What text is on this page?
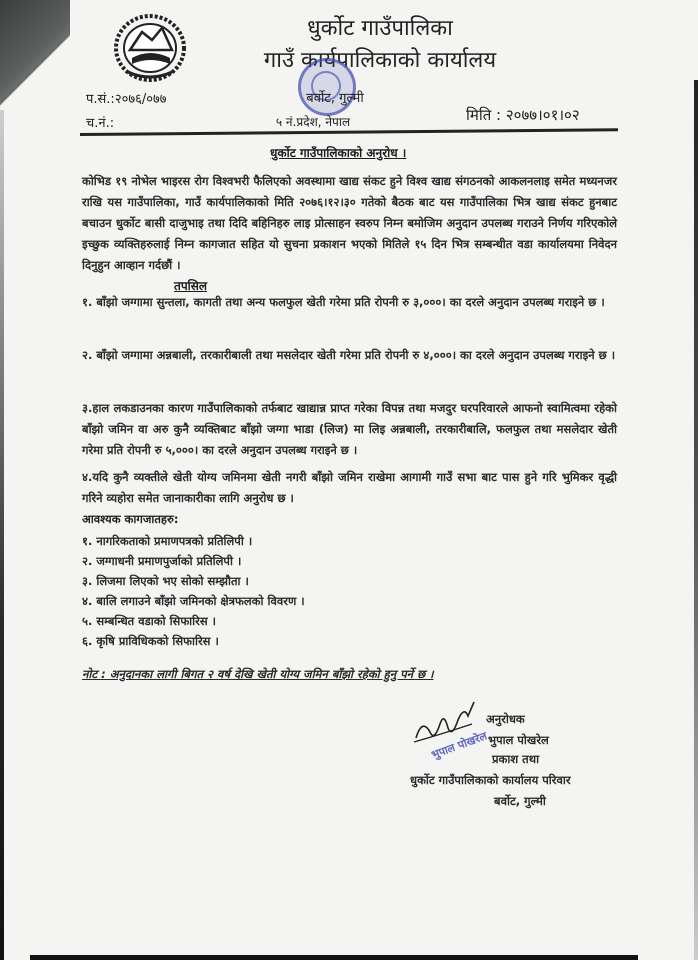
धुर्कोट गाउँपालिका
गाउँ कार्यपालिकाको कार्यालय
प.सं.:२०७६/०७७
च.नं.:
बर्वोट, गुल्मी
५ नं.प्रदेश, नेपाल	मिति : २०७७।०१।०२
धुर्कोट गाउँपालिकाको अनुरोध ।
कोभिड १९ नोभेल भाइरस रोग विश्वभरी फैलिएको अवस्थामा खाद्य संकट हुने विश्व खाद्य संगठनको आकलनलाइ समेत मध्यनजर राखि यस गाउँपालिका, गाउँ कार्यपालिकाको मिति २०७६।१२।३० गतेको बैठक बाट यस गाउँपालिका भित्र खाद्य संकट हुनबाट बचाउन धुर्कोट बासी दाजुभाइ तथा दिदि बहिनिहरु लाइ प्रोत्साहन स्वरुप निम्न बमोजिम अनुदान उपलब्ध गराउने निर्णय गरिएकोले इच्छुक व्यक्तिहरुलाई निम्न कागजात सहित यो सुचना प्रकाशन भएको मितिले १५ दिन भित्र सम्बन्धीत वडा कार्यालयमा निवेदन दिनुहुन आव्हान गर्दछौं ।
तपसिल
१. बाँझो जग्गामा सुन्तला, कागती तथा अन्य फलफुल खेती गरेमा प्रति रोपनी रु ३,०००। का दरले अनुदान उपलब्ध गराइने छ ।
२. बाँझो जग्गामा अन्नबाली, तरकारीबाली तथा मसलेदार खेती गरेमा प्रति रोपनी रु ४,०००। का दरले अनुदान उपलब्ध गराइने छ ।
३.हाल लकडाउनका कारण गाउँपालिकाको तर्फबाट खाद्यान्न प्राप्त गरेका विपन्न तथा मजदुर घरपरिवारले आफनो स्वामित्वमा रहेको बाँझो जमिन वा अरु कुनै व्यक्तिबाट बाँझो जग्गा भाडा (लिज) मा लिइ अन्नबाली, तरकारीबालि, फलफुल तथा मसलेदार खेती गरेमा प्रति रोपनी रु ५,०००। का दरले अनुदान उपलब्ध गराइने छ ।
४.यदि कुनै व्यक्तीले खेती योग्य जमिनमा खेती नगरी बाँझो जमिन राखेमा आगामी गाउँ सभा बाट पास हुने गरि भुमिकर वृद्धी गरिने व्यहोरा समेत जानाकारीका लागि अनुरोध छ ।
आवश्यक कागजातहरु:
१. नागरिकताको प्रमाणपत्रको प्रतिलिपी ।
२. जग्गाधनी प्रमाणपुर्जाको प्रतिलिपी ।
३. लिजमा लिएको भए सोको सम्झौता ।
४. बालि लगाउने बाँझो जमिनको क्षेत्रफलको विवरण ।
५. सम्बन्धित वडाको सिफारिस ।
६. कृषि प्राविधिकको सिफारिस ।
नोट : अनुदानका लागी बिगत २ वर्ष देखि खेती योग्य जमिन बाँझो रहेको हुनु पर्ने छ ।
अनुरोधक
भुपाल पोखरेल
प्रकाश तथा
धुर्कोट गाउँपालिकाको कार्यालय परिवार
बर्वोट, गुल्मी
भुपाल पोखरेल
